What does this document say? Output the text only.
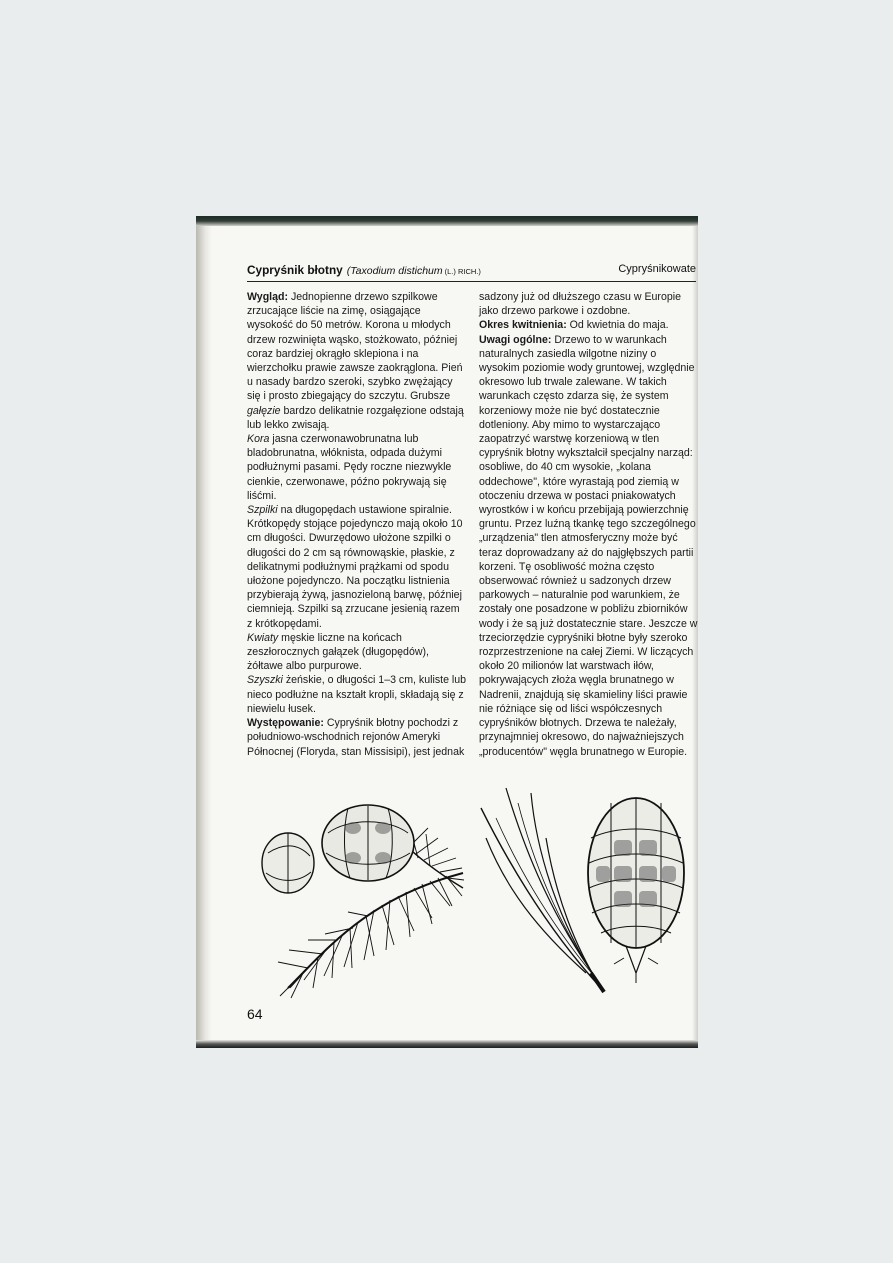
Cypryśnik błotny (Taxodium distichum (L.) RICH.)	Cypryśnikowate

Wygląd: Jednopienne drzewo szpilkowe zrzucające liście na zimę, osiągające wysokość do 50 metrów. Korona u młodych drzew rozwinięta wąsko, stożkowato, później coraz bardziej okrągło sklepiona i na wierzchołku prawie zawsze zaokrąglona. Pień u nasady bardzo szeroki, szybko zwężający się i prosto zbiegający do szczytu. Grubsze gałęzie bardzo delikatnie rozgałęzione odstają lub lekko zwisają.

Kora jasna czerwonawobrunatna lub bladobrunatna, włóknista, odpada dużymi podłużnymi pasami. Pędy roczne niezwykle cienkie, czerwonawe, późno pokrywają się liśćmi.

Szpilki na długopędach ustawione spiralnie. Krótkopędy stojące pojedynczo mają około 10 cm długości. Dwurzędowo ułożone szpilki o długości do 2 cm są równowąskie, płaskie, z delikatnymi podłużnymi prążkami od spodu ułożone pojedynczo. Na początku listnienia przybierają żywą, jasnozieloną barwę, później ciemnieją. Szpilki są zrzucane jesienią razem z krótkopędami.

Kwiaty męskie liczne na końcach zeszłorocznych gałązek (długopędów), żółtawe albo purpurowe.

Szyszki żeńskie, o długości 1–3 cm, kuliste lub nieco podłużne na kształt kropli, składają się z niewielu łusek.

Występowanie: Cypryśnik błotny pochodzi z południowo-wschodnich rejonów Ameryki Północnej (Floryda, stan Missisipi), jest jednak

sadzony już od dłuższego czasu w Europie jako drzewo parkowe i ozdobne.

Okres kwitnienia: Od kwietnia do maja.

Uwagi ogólne: Drzewo to w warunkach naturalnych zasiedla wilgotne niziny o wysokim poziomie wody gruntowej, względnie okresowo lub trwale zalewane. W takich warunkach często zdarza się, że system korzeniowy może nie być dostatecznie dotleniony. Aby mimo to wystarczająco zaopatrzyć warstwę korzeniową w tlen cypryśnik błotny wykształcił specjalny narząd: osobliwe, do 40 cm wysokie, „kolana oddechowe", które wyrastają pod ziemią w otoczeniu drzewa w postaci pniakowatych wyrostków i w końcu przebijają powierzchnię gruntu. Przez luźną tkankę tego szczególnego „urządzenia" tlen atmosferyczny może być teraz doprowadzany aż do najgłębszych partii korzeni. Tę osobliwość można często obserwować również u sadzonych drzew parkowych – naturalnie pod warunkiem, że zostały one posadzone w pobliżu zbiorników wody i że są już dostatecznie stare. Jeszcze w trzeciorzędzie cypryśniki błotne były szeroko rozprzestrzenione na całej Ziemi. W liczących około 20 milionów lat warstwach iłów, pokrywających złoża węgla brunatnego w Nadrenii, znajdują się skamieliny liści prawie nie różniące się od liści współczesnych cypryśników błotnych. Drzewa te należały, przynajmniej okresowo, do najważniejszych „producentów" węgla brunatnego w Europie.

64
